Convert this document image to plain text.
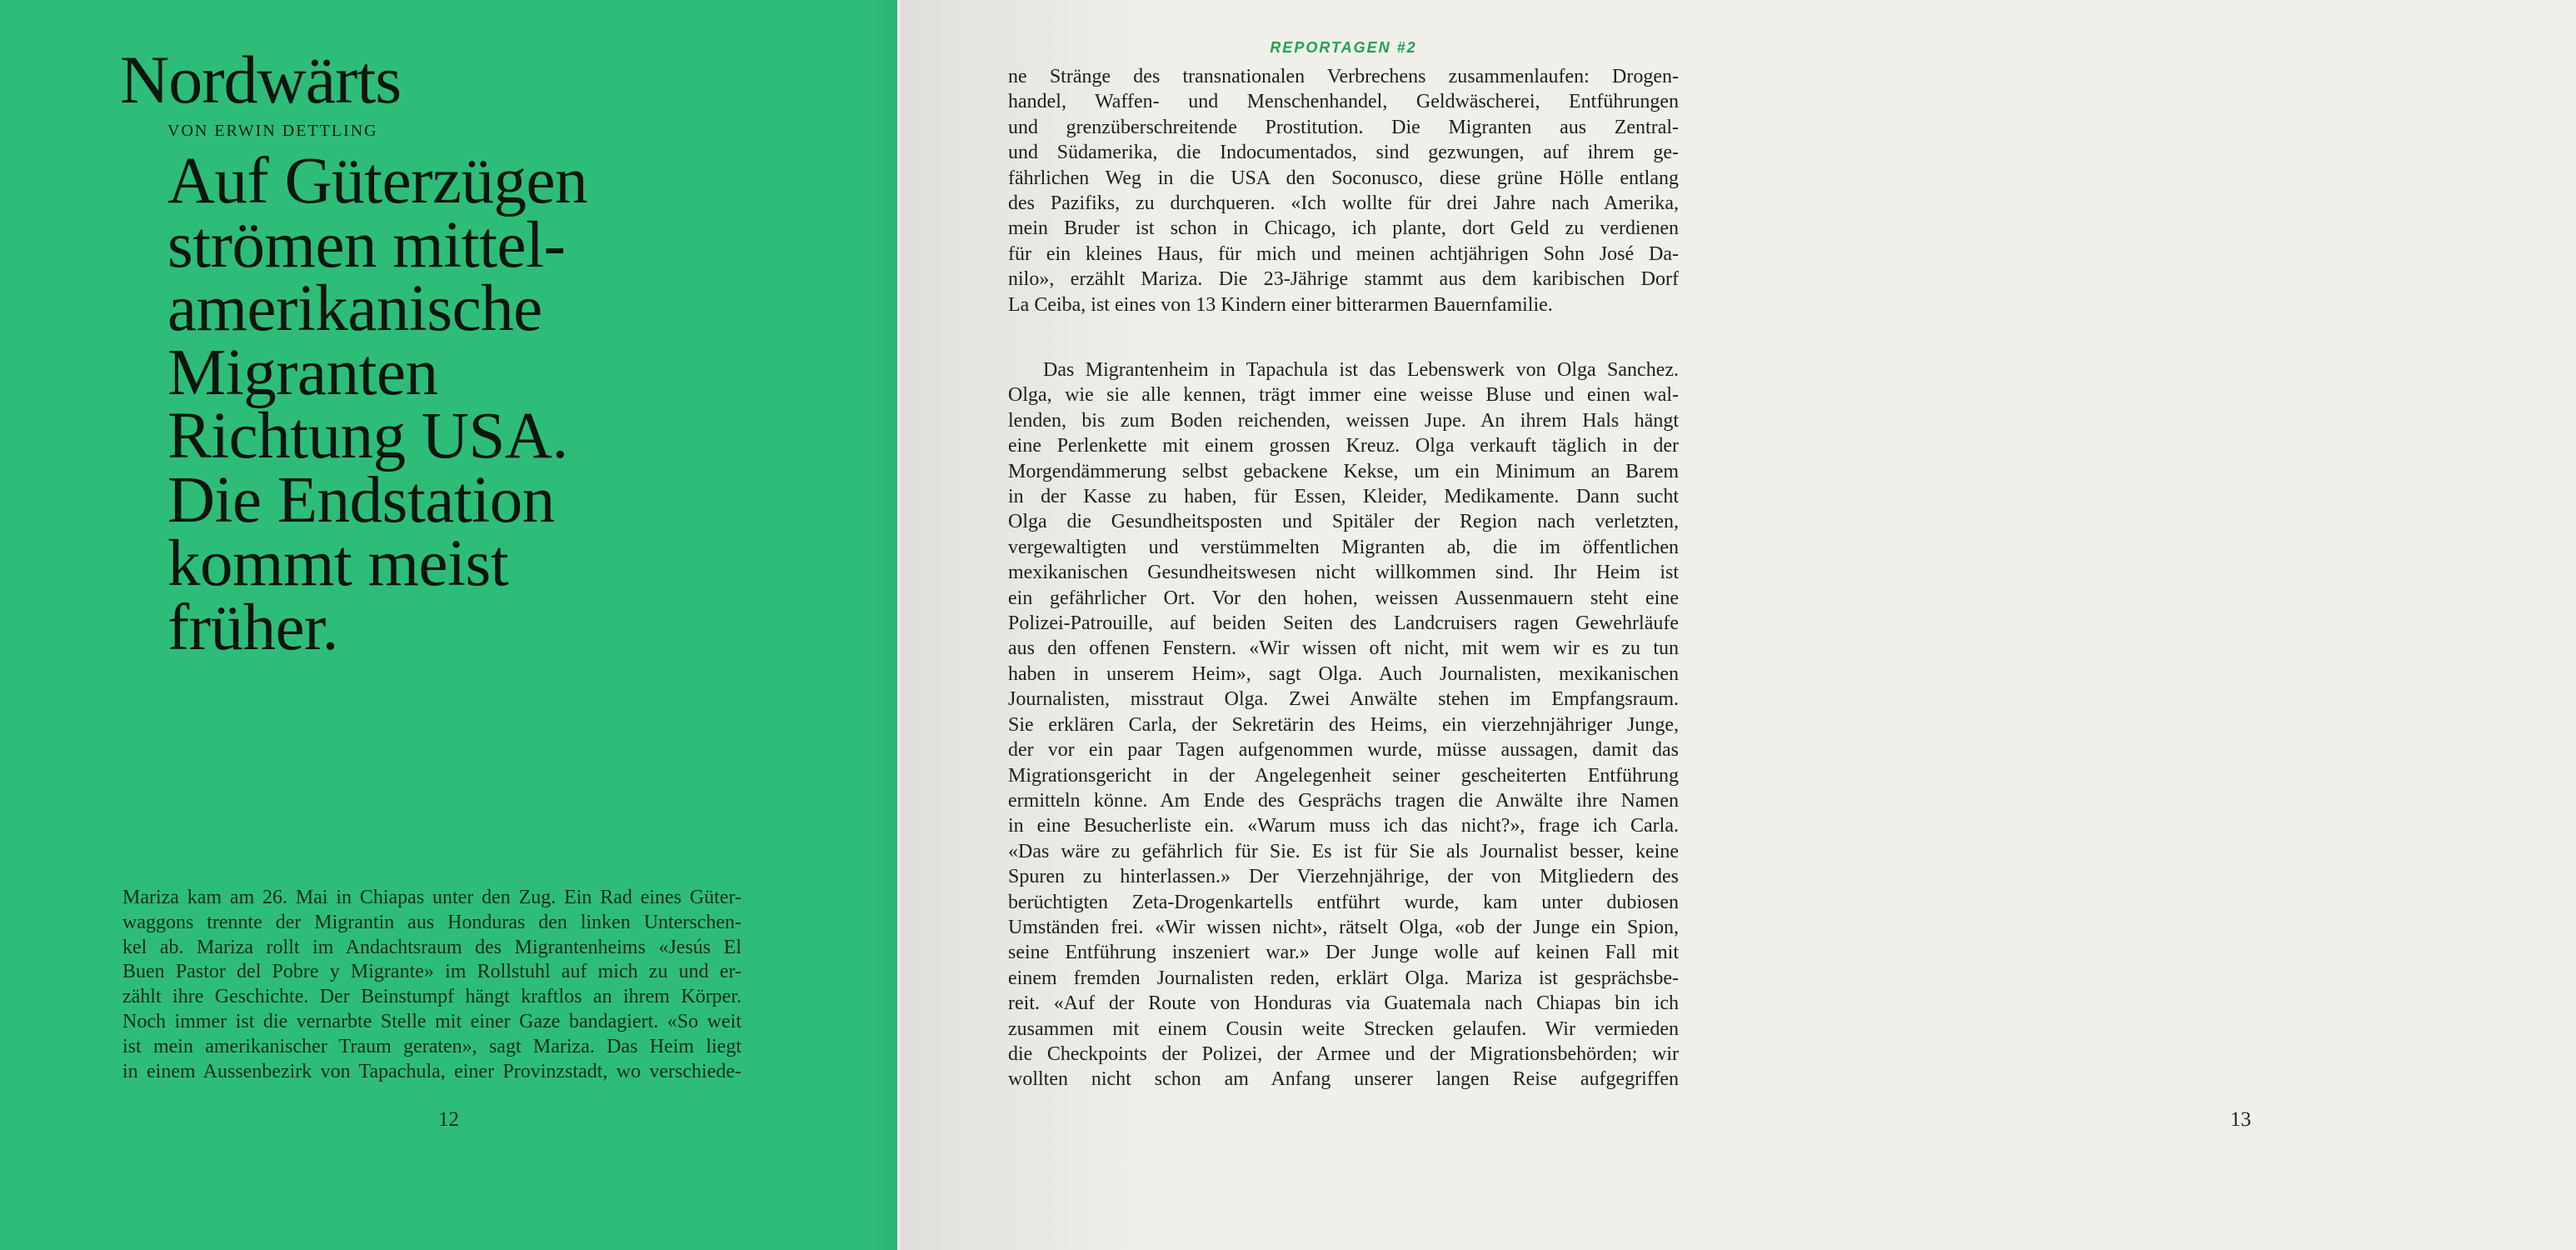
Nordwärts
VON ERWIN DETTLING
Auf Güterzügen
strömen mittel-
amerikanische
Migranten
Richtung USA.
Die Endstation
kommt meist
früher.
Mariza kam am 26. Mai in Chiapas unter den Zug. Ein Rad eines Güter-
waggons trennte der Migrantin aus Honduras den linken Unterschen-
kel ab. Mariza rollt im Andachtsraum des Migrantenheims «Jesús El
Buen Pastor del Pobre y Migrante» im Rollstuhl auf mich zu und er-
zählt ihre Geschichte. Der Beinstumpf hängt kraftlos an ihrem Körper.
Noch immer ist die vernarbte Stelle mit einer Gaze bandagiert. «So weit
ist mein amerikanischer Traum geraten», sagt Mariza. Das Heim liegt
in einem Aussenbezirk von Tapachula, einer Provinzstadt, wo verschiede-
12
REPORTAGEN #2
ne Stränge des transnationalen Verbrechens zusammenlaufen: Drogen-
handel, Waffen- und Menschenhandel, Geldwäscherei, Entführungen
und grenzüberschreitende Prostitution. Die Migranten aus Zentral-
und Südamerika, die Indocumentados, sind gezwungen, auf ihrem ge-
fährlichen Weg in die USA den Soconusco, diese grüne Hölle entlang
des Pazifiks, zu durchqueren. «Ich wollte für drei Jahre nach Amerika,
mein Bruder ist schon in Chicago, ich plante, dort Geld zu verdienen
für ein kleines Haus, für mich und meinen achtjährigen Sohn José Da-
nilo», erzählt Mariza. Die 23-Jährige stammt aus dem karibischen Dorf
La Ceiba, ist eines von 13 Kindern einer bitterarmen Bauernfamilie.
Das Migrantenheim in Tapachula ist das Lebenswerk von Olga Sanchez.
Olga, wie sie alle kennen, trägt immer eine weisse Bluse und einen wal-
lenden, bis zum Boden reichenden, weissen Jupe. An ihrem Hals hängt
eine Perlenkette mit einem grossen Kreuz. Olga verkauft täglich in der
Morgendämmerung selbst gebackene Kekse, um ein Minimum an Barem
in der Kasse zu haben, für Essen, Kleider, Medikamente. Dann sucht
Olga die Gesundheitsposten und Spitäler der Region nach verletzten,
vergewaltigten und verstümmelten Migranten ab, die im öffentlichen
mexikanischen Gesundheitswesen nicht willkommen sind. Ihr Heim ist
ein gefährlicher Ort. Vor den hohen, weissen Aussenmauern steht eine
Polizei-Patrouille, auf beiden Seiten des Landcruisers ragen Gewehrläufe
aus den offenen Fenstern. «Wir wissen oft nicht, mit wem wir es zu tun
haben in unserem Heim», sagt Olga. Auch Journalisten, mexikanischen
Journalisten, misstraut Olga. Zwei Anwälte stehen im Empfangsraum.
Sie erklären Carla, der Sekretärin des Heims, ein vierzehnjähriger Junge,
der vor ein paar Tagen aufgenommen wurde, müsse aussagen, damit das
Migrationsgericht in der Angelegenheit seiner gescheiterten Entführung
ermitteln könne. Am Ende des Gesprächs tragen die Anwälte ihre Namen
in eine Besucherliste ein. «Warum muss ich das nicht?», frage ich Carla.
«Das wäre zu gefährlich für Sie. Es ist für Sie als Journalist besser, keine
Spuren zu hinterlassen.» Der Vierzehnjährige, der von Mitgliedern des
berüchtigten Zeta-Drogenkartells entführt wurde, kam unter dubiosen
Umständen frei. «Wir wissen nicht», rätselt Olga, «ob der Junge ein Spion,
seine Entführung inszeniert war.» Der Junge wolle auf keinen Fall mit
einem fremden Journalisten reden, erklärt Olga. Mariza ist gesprächsbe-
reit. «Auf der Route von Honduras via Guatemala nach Chiapas bin ich
zusammen mit einem Cousin weite Strecken gelaufen. Wir vermieden
die Checkpoints der Polizei, der Armee und der Migrationsbehörden; wir
wollten nicht schon am Anfang unserer langen Reise aufgegriffen
13
